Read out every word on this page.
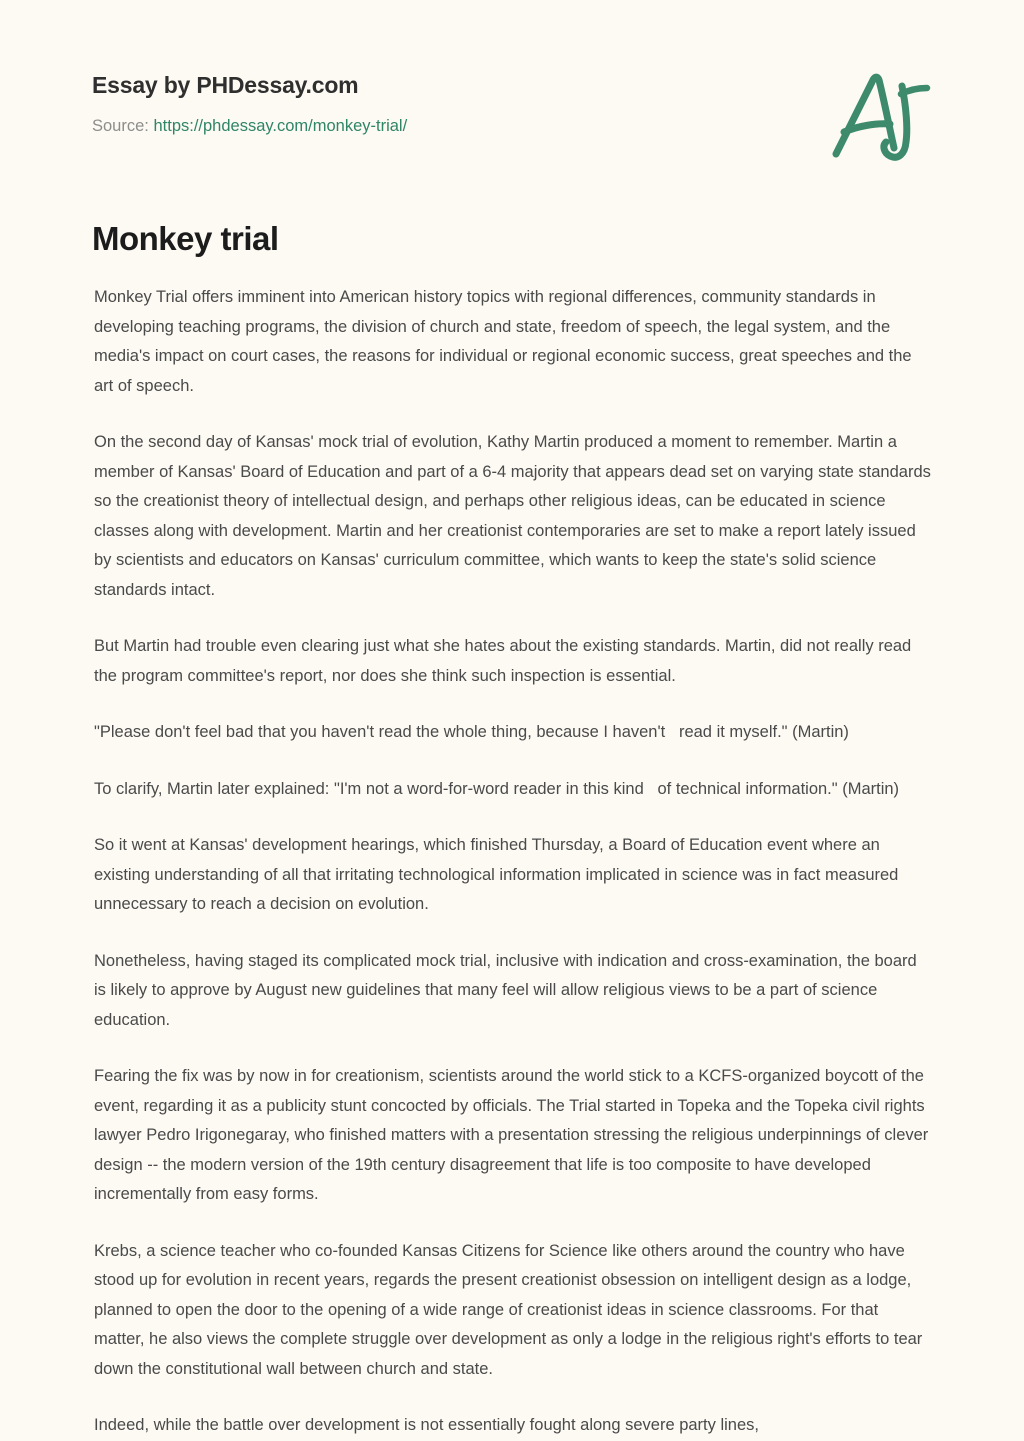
Essay by PHDessay.com
Source: https://phdessay.com/monkey-trial/
Monkey trial

Monkey Trial offers imminent into American history topics with regional differences, community standards in developing teaching programs, the division of church and state, freedom of speech, the legal system, and the media's impact on court cases, the reasons for individual or regional economic success, great speeches and the art of speech.

On the second day of Kansas' mock trial of evolution, Kathy Martin produced a moment to remember. Martin a member of Kansas' Board of Education and part of a 6-4 majority that appears dead set on varying state standards so the creationist theory of intellectual design, and perhaps other religious ideas, can be educated in science classes along with development. Martin and her creationist contemporaries are set to make a report lately issued by scientists and educators on Kansas' curriculum committee, which wants to keep the state's solid science standards intact.

But Martin had trouble even clearing just what she hates about the existing standards. Martin, did not really read the program committee's report, nor does she think such inspection is essential.

"Please don't feel bad that you haven't read the whole thing, because I haven't   read it myself." (Martin)

To clarify, Martin later explained: "I'm not a word-for-word reader in this kind   of technical information." (Martin)

So it went at Kansas' development hearings, which finished Thursday, a Board of Education event where an existing understanding of all that irritating technological information implicated in science was in fact measured unnecessary to reach a decision on evolution.

Nonetheless, having staged its complicated mock trial, inclusive with indication and cross-examination, the board is likely to approve by August new guidelines that many feel will allow religious views to be a part of science education.

Fearing the fix was by now in for creationism, scientists around the world stick to a KCFS-organized boycott of the event, regarding it as a publicity stunt concocted by officials. The Trial started in Topeka and the Topeka civil rights lawyer Pedro Irigonegaray, who finished matters with a presentation stressing the religious underpinnings of clever design -- the modern version of the 19th century disagreement that life is too composite to have developed incrementally from easy forms.

Krebs, a science teacher who co-founded Kansas Citizens for Science like others around the country who have stood up for evolution in recent years, regards the present creationist obsession on intelligent design as a lodge, planned to open the door to the opening of a wide range of creationist ideas in science classrooms. For that matter, he also views the complete struggle over development as only a lodge in the religious right's efforts to tear down the constitutional wall between church and state.

Indeed, while the battle over development is not essentially fought along severe party lines,
